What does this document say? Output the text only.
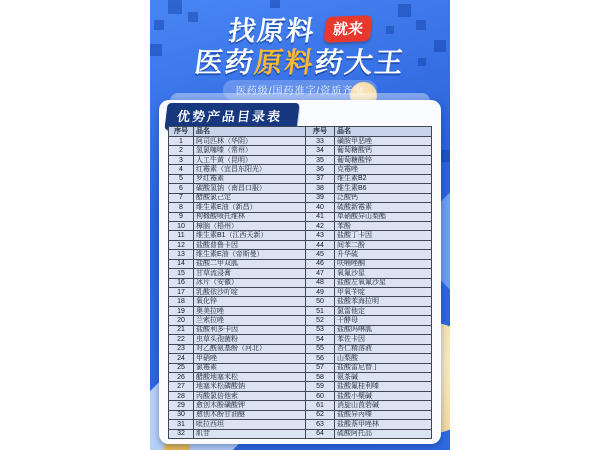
找原料 就来
医药原料药大王
医药级/国药准字/资质齐全
优势产品目录表
序号	品名	序号	品名
1	阿司匹林（华阴）	33	磺胺甲恶唑
2	氢氯噻嗪（常州）	34	葡萄糖酸钙
3	人工牛黄（昆明）	35	葡萄糖酸锌
4	红霉素（宜昌东阳光）	36	克霉唑
5	罗红霉素	37	维生素B2
6	碳酸氢钠（南昌口服）	38	维生素B6
7	醋酸氯己定	39	泛酸钙
8	维生素E油（新昌）	40	硫酸新霉素
9	枸橼酸喷托维林	41	单硝酸异山梨酯
10	樟脑（梧州）	42	苯酚
11	维生素B1（江西天新）	43	盐酸丁卡因
12	盐酸普鲁卡因	44	间苯二酚
13	维生素E油（帝斯曼）	45	升华硫
14	盐酸二甲双胍	46	呋喃唑酮
15	甘草流浸膏	47	氧氟沙星
16	冰片（安徽）	48	盐酸左氧氟沙星
17	乳酸依沙吖啶	49	甲氧苄啶
18	氧化锌	50	盐酸苯海拉明
19	奥美拉唑	51	氯雷他定
20	兰索拉唑	52	干酵母
21	盐酸利多卡因	53	盐酸吗啉胍
22	虫草头孢菌粉	54	苯佐卡因
23	对乙酰氨基酚（河北）	55	杏仁精溶液
24	甲硝唑	56	山梨酸
25	氯霉素	57	盐酸雷尼替丁
26	醋酸地塞米松	58	氨茶碱
27	地塞米松磷酸钠	59	盐酸氟桂利嗪
28	丙酸氯倍他索	60	盐酸小檗碱
29	愈创木酚磺酸钾	61	消旋山莨菪碱
30	愈创木酚甘油醚	62	盐酸异丙嗪
31	吡拉西坦	63	盐酸萘甲唑林
32	肌苷	64	硫酸阿托品
